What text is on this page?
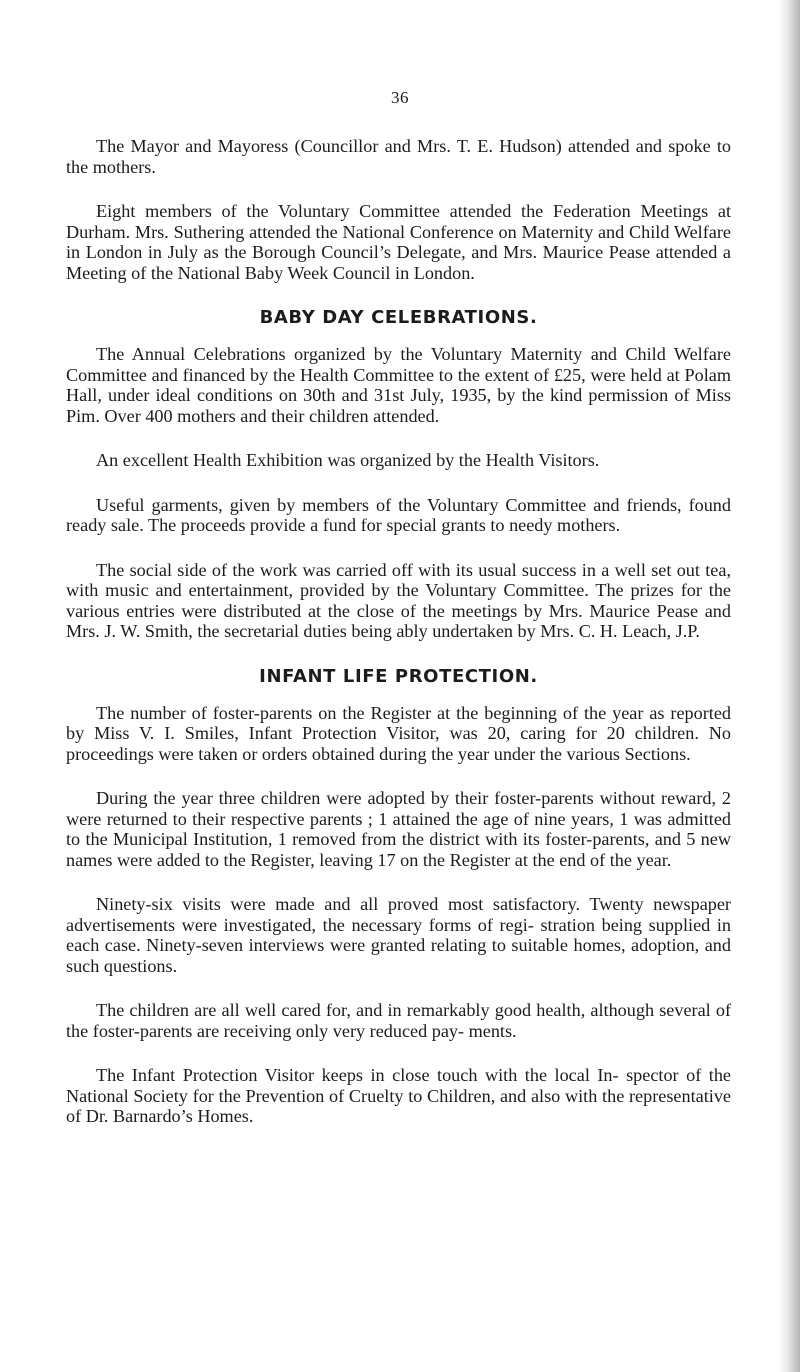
36

The Mayor and Mayoress (Councillor and Mrs. T. E. Hudson) attended and spoke to the mothers.

Eight members of the Voluntary Committee attended the Federation Meetings at Durham. Mrs. Suthering attended the National Conference on Maternity and Child Welfare in London in July as the Borough Council’s Delegate, and Mrs. Maurice Pease attended a Meeting of the National Baby Week Council in London.

BABY DAY CELEBRATIONS.

The Annual Celebrations organized by the Voluntary Maternity and Child Welfare Committee and financed by the Health Committee to the extent of £25, were held at Polam Hall, under ideal conditions on 30th and 31st July, 1935, by the kind permission of Miss Pim. Over 400 mothers and their children attended.

An excellent Health Exhibition was organized by the Health Visitors.

Useful garments, given by members of the Voluntary Committee and friends, found ready sale. The proceeds provide a fund for special grants to needy mothers.

The social side of the work was carried off with its usual success in a well set out tea, with music and entertainment, provided by the Voluntary Committee. The prizes for the various entries were distributed at the close of the meetings by Mrs. Maurice Pease and Mrs. J. W. Smith, the secretarial duties being ably undertaken by Mrs. C. H. Leach, J.P.

INFANT LIFE PROTECTION.

The number of foster-parents on the Register at the beginning of the year as reported by Miss V. I. Smiles, Infant Protection Visitor, was 20, caring for 20 children. No proceedings were taken or orders obtained during the year under the various Sections.

During the year three children were adopted by their foster-parents without reward, 2 were returned to their respective parents ; 1 attained the age of nine years, 1 was admitted to the Municipal Institution, 1 removed from the district with its foster-parents, and 5 new names were added to the Register, leaving 17 on the Register at the end of the year.

Ninety-six visits were made and all proved most satisfactory. Twenty newspaper advertisements were investigated, the necessary forms of regi- stration being supplied in each case. Ninety-seven interviews were granted relating to suitable homes, adoption, and such questions.

The children are all well cared for, and in remarkably good health, although several of the foster-parents are receiving only very reduced pay- ments.

The Infant Protection Visitor keeps in close touch with the local In- spector of the National Society for the Prevention of Cruelty to Children, and also with the representative of Dr. Barnardo’s Homes.
